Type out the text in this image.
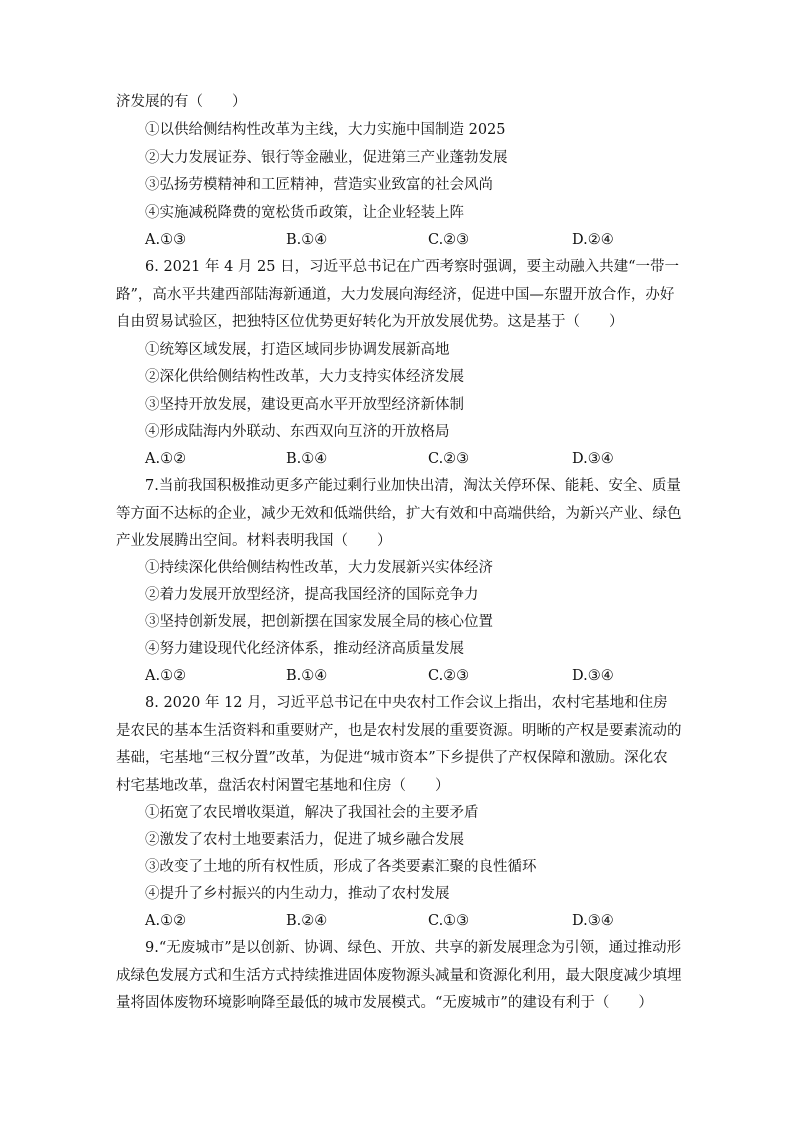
济发展的有（　　）
①以供给侧结构性改革为主线，大力实施中国制造 2025
②大力发展证券、银行等金融业，促进第三产业蓬勃发展
③弘扬劳模精神和工匠精神，营造实业致富的社会风尚
④实施减税降费的宽松货币政策，让企业轻装上阵
A.①③	B.①④	C.②③	D.②④

6. 2021 年 4 月 25 日，习近平总书记在广西考察时强调，要主动融入共建“一带一路”，高水平共建西部陆海新通道，大力发展向海经济，促进中国—东盟开放合作，办好自由贸易试验区，把独特区位优势更好转化为开放发展优势。这是基于（　　）

①统筹区域发展，打造区域同步协调发展新高地
②深化供给侧结构性改革，大力支持实体经济发展
③坚持开放发展，建设更高水平开放型经济新体制
④形成陆海内外联动、东西双向互济的开放格局
A.①②	B.①④	C.②③	D.③④

7.当前我国积极推动更多产能过剩行业加快出清，淘汰关停环保、能耗、安全、质量等方面不达标的企业，减少无效和低端供给，扩大有效和中高端供给，为新兴产业、绿色产业发展腾出空间。材料表明我国（　　）

①持续深化供给侧结构性改革，大力发展新兴实体经济
②着力发展开放型经济，提高我国经济的国际竞争力
③坚持创新发展，把创新摆在国家发展全局的核心位置
④努力建设现代化经济体系，推动经济高质量发展
A.①②	B.①④	C.②③	D.③④

8. 2020 年 12 月，习近平总书记在中央农村工作会议上指出，农村宅基地和住房是农民的基本生活资料和重要财产，也是农村发展的重要资源。明晰的产权是要素流动的基础，宅基地“三权分置”改革，为促进“城市资本”下乡提供了产权保障和激励。深化农村宅基地改革，盘活农村闲置宅基地和住房（　　）

①拓宽了农民增收渠道，解决了我国社会的主要矛盾
②激发了农村土地要素活力，促进了城乡融合发展
③改变了土地的所有权性质，形成了各类要素汇聚的良性循环
④提升了乡村振兴的内生动力，推动了农村发展
A.①②	B.②④	C.①③	D.③④

9.“无废城市”是以创新、协调、绿色、开放、共享的新发展理念为引领，通过推动形成绿色发展方式和生活方式持续推进固体废物源头减量和资源化利用，最大限度减少填埋量将固体废物环境影响降至最低的城市发展模式。“无废城市”的建设有利于（　　）
